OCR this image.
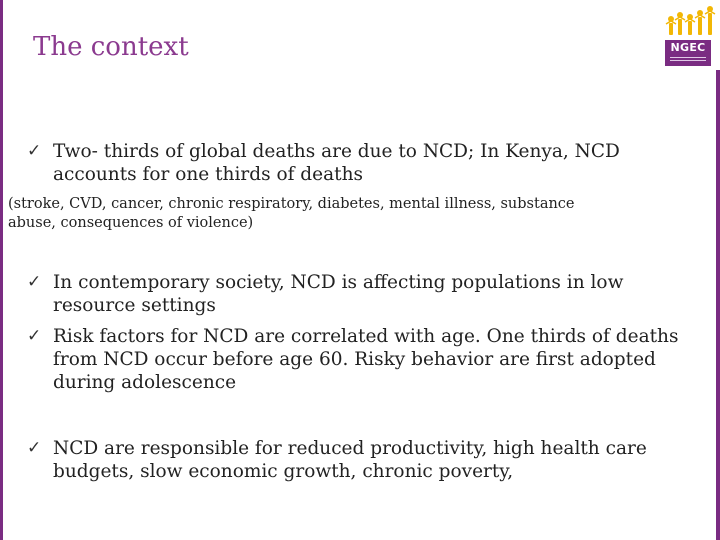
The context	NGEC
✓ Two- thirds of global deaths are due to NCD; In Kenya, NCD
accounts for one thirds of deaths
(stroke, CVD, cancer, chronic respiratory, diabetes, mental illness, substance
abuse, consequences of violence)
✓ In contemporary society, NCD is affecting populations in low
resource settings
✓ Risk factors for NCD are correlated with age. One thirds of deaths
from NCD occur before age 60. Risky behavior are first adopted
during adolescence
✓ NCD are responsible for reduced productivity, high health care
budgets, slow economic growth, chronic poverty,
